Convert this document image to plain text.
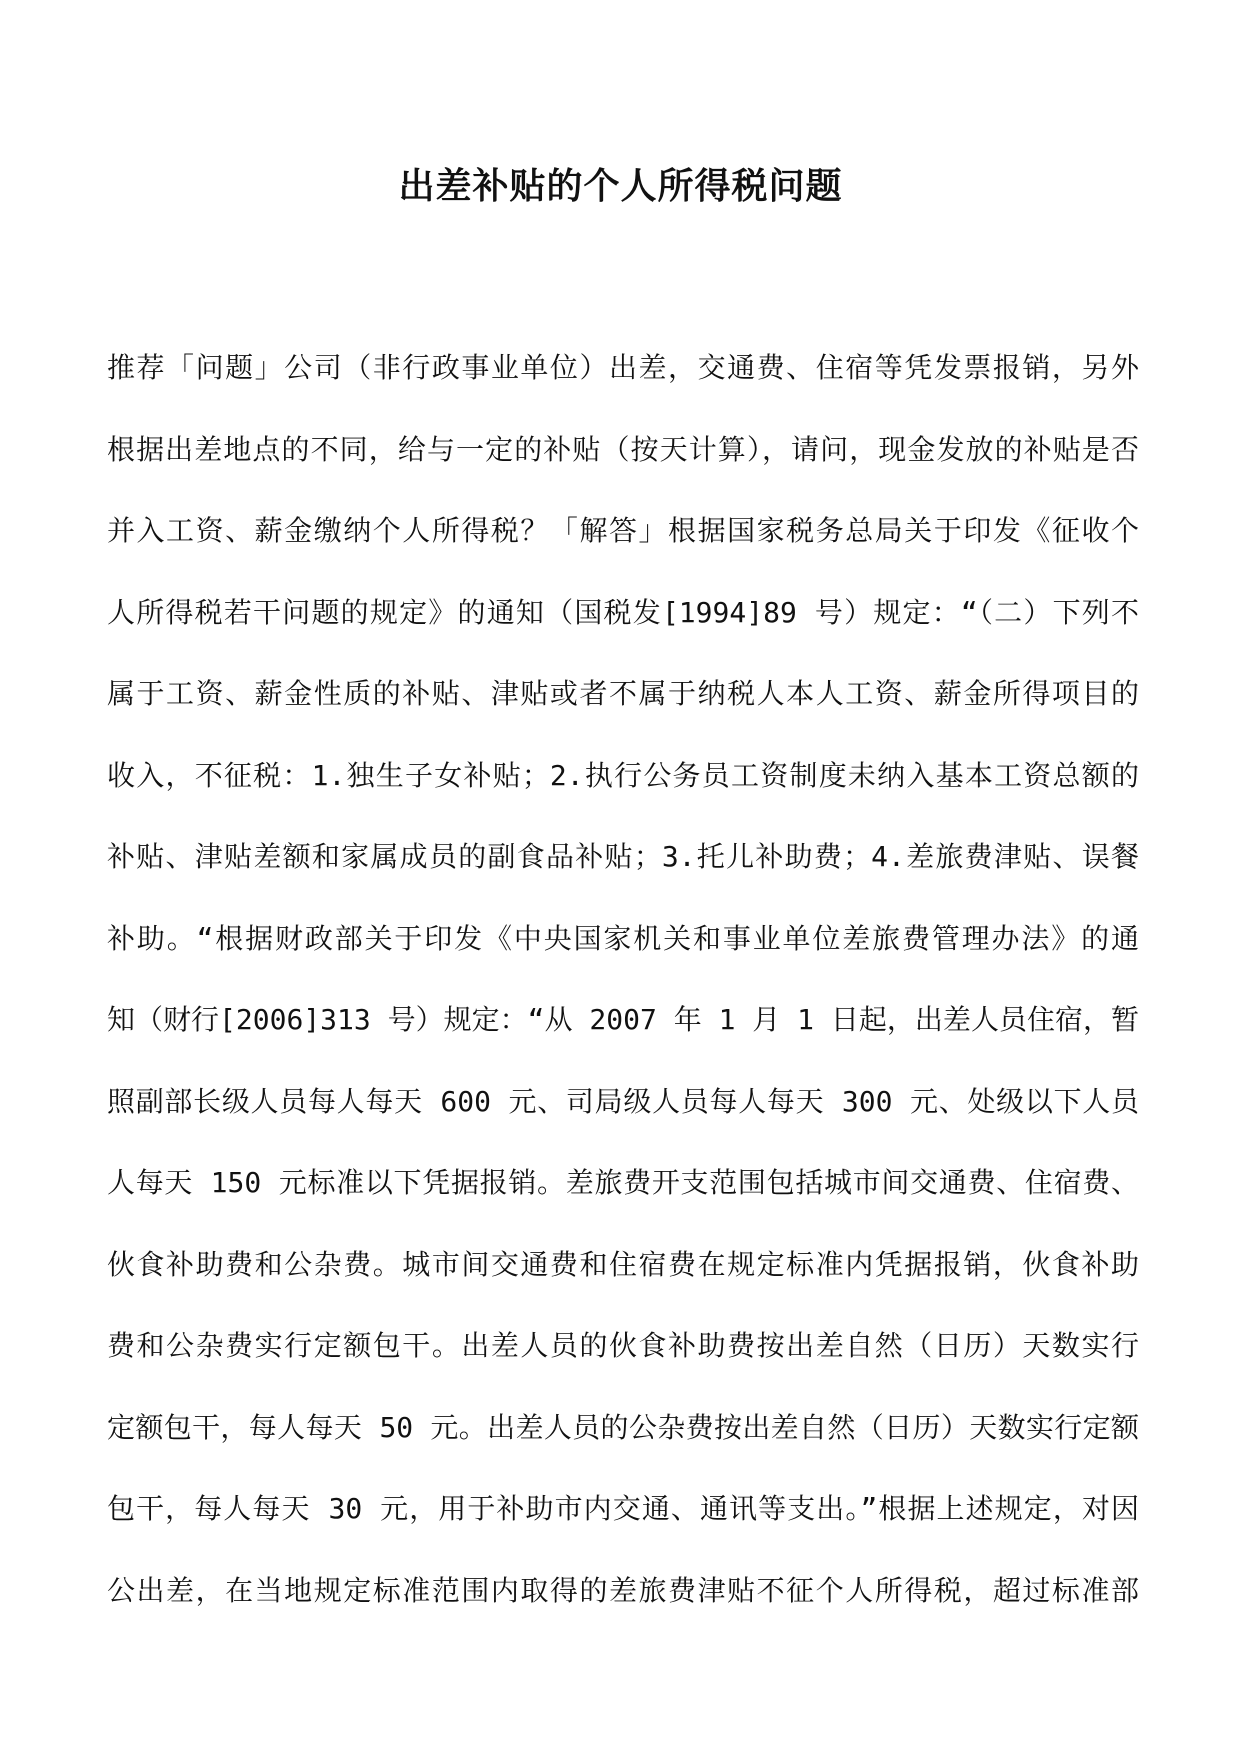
出差补贴的个人所得税问题
推荐「问题」公司（非行政事业单位）出差，交通费、住宿等凭发票报销，另外
根据出差地点的不同，给与一定的补贴（按天计算），请问，现金发放的补贴是否
并入工资、薪金缴纳个人所得税？「解答」根据国家税务总局关于印发《征收个
人所得税若干问题的规定》的通知（国税发[1994]89 号）规定：“（二）下列不
属于工资、薪金性质的补贴、津贴或者不属于纳税人本人工资、薪金所得项目的
收入，不征税：1.独生子女补贴；2.执行公务员工资制度未纳入基本工资总额的
补贴、津贴差额和家属成员的副食品补贴；3.托儿补助费；4.差旅费津贴、误餐
补助。“根据财政部关于印发《中央国家机关和事业单位差旅费管理办法》的通
知（财行[2006]313 号）规定：“从 2007 年 1 月 1 日起，出差人员住宿，暂
照副部长级人员每人每天 600 元、司局级人员每人每天 300 元、处级以下人员
人每天 150 元标准以下凭据报销。差旅费开支范围包括城市间交通费、住宿费、
伙食补助费和公杂费。城市间交通费和住宿费在规定标准内凭据报销，伙食补助
费和公杂费实行定额包干。出差人员的伙食补助费按出差自然（日历）天数实行
定额包干，每人每天 50 元。出差人员的公杂费按出差自然（日历）天数实行定额
包干，每人每天 30 元，用于补助市内交通、通讯等支出。”根据上述规定，对因
公出差，在当地规定标准范围内取得的差旅费津贴不征个人所得税，超过标准部
